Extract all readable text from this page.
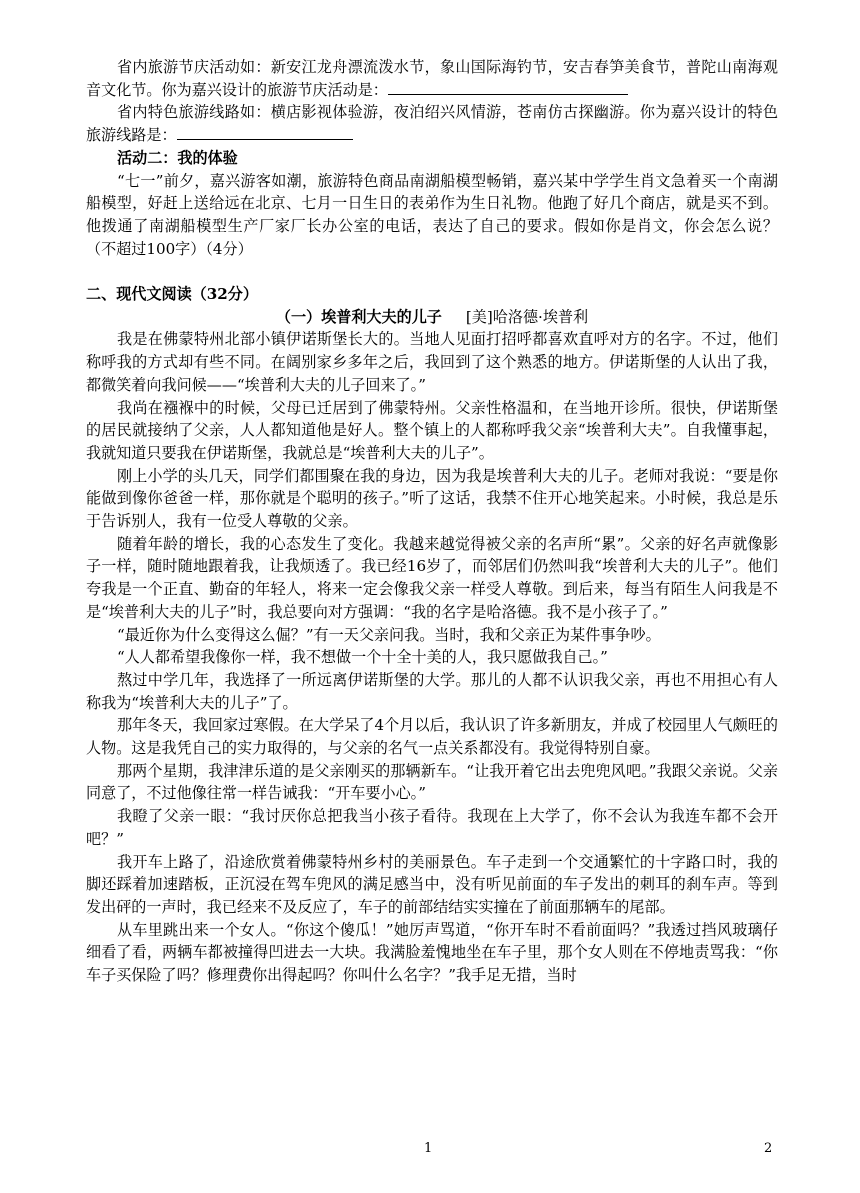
省内旅游节庆活动如：新安江龙舟漂流泼水节，象山国际海钓节，安吉春笋美食节，普陀山南海观音文化节。你为嘉兴设计的旅游节庆活动是：

省内特色旅游线路如：横店影视体验游，夜泊绍兴风情游，苍南仿古探幽游。你为嘉兴设计的特色旅游线路是：

活动二：我的体验

“七一”前夕，嘉兴游客如潮，旅游特色商品南湖船模型畅销，嘉兴某中学学生肖文急着买一个南湖船模型，好赶上送给远在北京、七月一日生日的表弟作为生日礼物。他跑了好几个商店，就是买不到。他拨通了南湖船模型生产厂家厂长办公室的电话，表达了自己的要求。假如你是肖文，你会怎么说？（不超过100字）（4分）

二、现代文阅读（32分）

（一）埃普利大夫的儿子 [美]哈洛德·埃普利

我是在佛蒙特州北部小镇伊诺斯堡长大的。当地人见面打招呼都喜欢直呼对方的名字。不过，他们称呼我的方式却有些不同。在阔别家乡多年之后，我回到了这个熟悉的地方。伊诺斯堡的人认出了我，都微笑着向我问候——“埃普利大夫的儿子回来了。”

我尚在襁褓中的时候，父母已迁居到了佛蒙特州。父亲性格温和，在当地开诊所。很快，伊诺斯堡的居民就接纳了父亲，人人都知道他是好人。整个镇上的人都称呼我父亲“埃普利大夫”。自我懂事起，我就知道只要我在伊诺斯堡，我就总是“埃普利大夫的儿子”。

刚上小学的头几天，同学们都围聚在我的身边，因为我是埃普利大夫的儿子。老师对我说：“要是你能做到像你爸爸一样，那你就是个聪明的孩子。”听了这话，我禁不住开心地笑起来。小时候，我总是乐于告诉别人，我有一位受人尊敬的父亲。

随着年龄的增长，我的心态发生了变化。我越来越觉得被父亲的名声所“累”。父亲的好名声就像影子一样，随时随地跟着我，让我烦透了。我已经16岁了，而邻居们仍然叫我“埃普利大夫的儿子”。他们夸我是一个正直、勤奋的年轻人，将来一定会像我父亲一样受人尊敬。到后来，每当有陌生人问我是不是“埃普利大夫的儿子”时，我总要向对方强调：“我的名字是哈洛德。我不是小孩子了。”

“最近你为什么变得这么倔？”有一天父亲问我。当时，我和父亲正为某件事争吵。

“人人都希望我像你一样，我不想做一个十全十美的人，我只愿做我自己。”

熬过中学几年，我选择了一所远离伊诺斯堡的大学。那儿的人都不认识我父亲，再也不用担心有人称我为“埃普利大夫的儿子”了。

那年冬天，我回家过寒假。在大学呆了4个月以后，我认识了许多新朋友，并成了校园里人气颇旺的人物。这是我凭自己的实力取得的，与父亲的名气一点关系都没有。我觉得特别自豪。

那两个星期，我津津乐道的是父亲刚买的那辆新车。“让我开着它出去兜兜风吧。”我跟父亲说。父亲同意了，不过他像往常一样告诫我：“开车要小心。”

我瞪了父亲一眼：“我讨厌你总把我当小孩子看待。我现在上大学了，你不会认为我连车都不会开吧？”

我开车上路了，沿途欣赏着佛蒙特州乡村的美丽景色。车子走到一个交通繁忙的十字路口时，我的脚还踩着加速踏板，正沉浸在驾车兜风的满足感当中，没有听见前面的车子发出的刺耳的刹车声。等到发出砰的一声时，我已经来不及反应了，车子的前部结结实实撞在了前面那辆车的尾部。

从车里跳出来一个女人。“你这个傻瓜！”她厉声骂道，“你开车时不看前面吗？”我透过挡风玻璃仔细看了看，两辆车都被撞得凹进去一大块。我满脸羞愧地坐在车子里，那个女人则在不停地责骂我：“你车子买保险了吗？修理费你出得起吗？你叫什么名字？”我手足无措，当时

1	2
